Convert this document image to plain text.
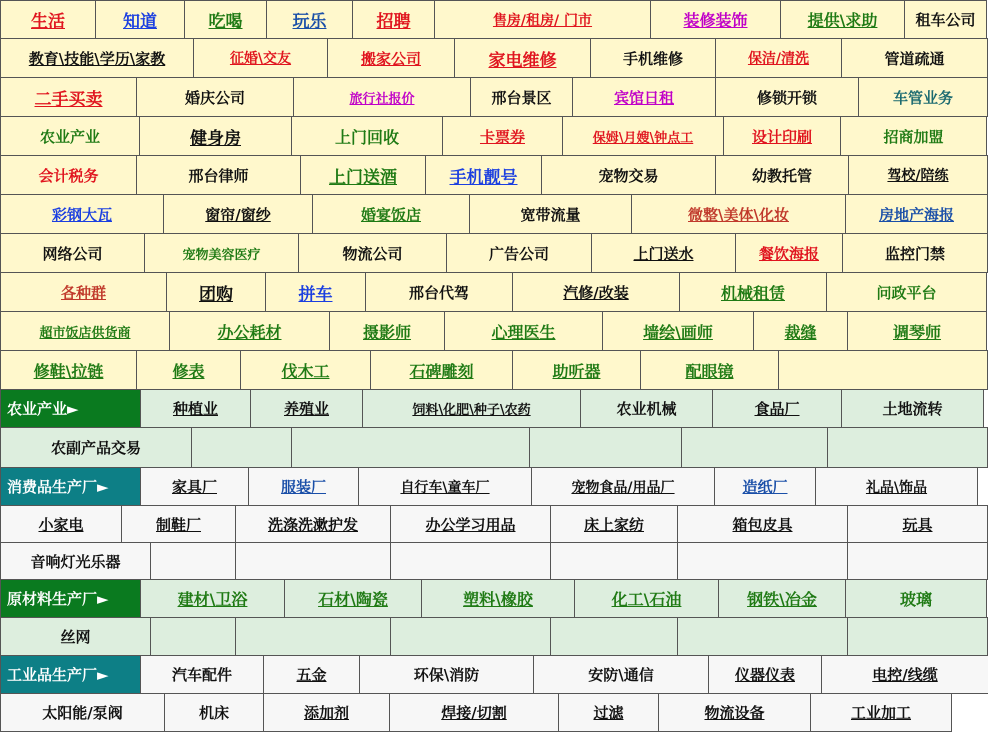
生活	知道	吃喝	玩乐	招聘	售房/租房/ 门市	装修装饰	提供\求助	租车公司
教育\技能\学历\家教	征婚\交友	搬家公司	家电维修	手机维修	保洁/清洗	管道疏通
二手买卖	婚庆公司	旅行社报价	邢台景区	宾馆日租	修锁开锁	车管业务
农业产业	健身房	上门回收	卡票券	保姆\月嫂\钟点工	设计印刷	招商加盟
会计税务	邢台律师	上门送酒	手机靓号	宠物交易	幼教托管	驾校/陪练
彩钢大瓦	窗帘/窗纱	婚宴饭店	宽带流量	微整\美体\化妆	房地产海报
网络公司	宠物美容医疗	物流公司	广告公司	上门送水	餐饮海报	监控门禁
各种群	团购	拼车	邢台代驾	汽修/改装	机械租赁	问政平台
超市饭店供货商	办公耗材	摄影师	心理医生	墙绘\画师	裁缝	调琴师
修鞋\拉链	修表	伐木工	石碑雕刻	助听器	配眼镜
农业产业►	种植业	养殖业	饲料\化肥\种子\农药	农业机械	食品厂	土地流转
农副产品交易
消费品生产厂►	家具厂	服装厂	自行车\童车厂	宠物食品/用品厂	造纸厂	礼品\饰品
小家电	制鞋厂	洗涤洗漱护发	办公学习用品	床上家纺	箱包皮具	玩具
音响灯光乐器
原材料生产厂►	建材\卫浴	石材\陶瓷	塑料\橡胶	化工\石油	钢铁\冶金	玻璃
丝网
工业品生产厂►	汽车配件	五金	环保\消防	安防\通信	仪器仪表	电控/线缆
太阳能/泵阀	机床	添加剂	焊接/切割	过滤	物流设备	工业加工
